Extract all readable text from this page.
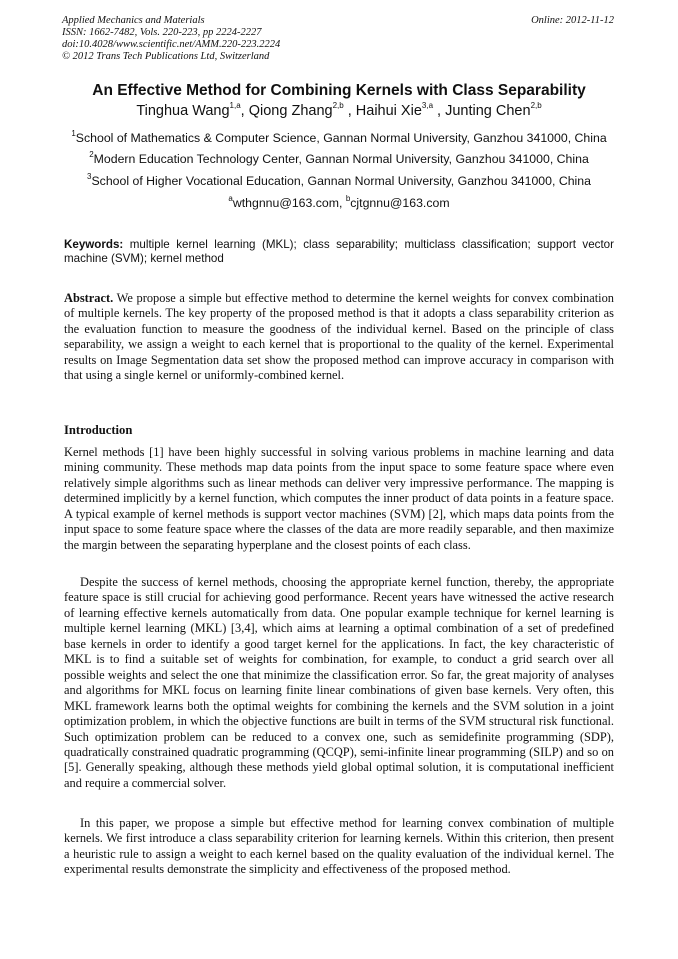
Applied Mechanics and Materials
ISSN: 1662-7482, Vols. 220-223, pp 2224-2227
doi:10.4028/www.scientific.net/AMM.220-223.2224
© 2012 Trans Tech Publications Ltd, Switzerland
Online: 2012-11-12
An Effective Method for Combining Kernels with Class Separability
Tinghua Wang$^{1,a}$, Qiong Zhang$^{2,b}$ , Haihui Xie$^{3,a}$ , Junting Chen$^{2,b}$
$^1$School of Mathematics & Computer Science, Gannan Normal University, Ganzhou 341000, China
$^2$Modern Education Technology Center, Gannan Normal University, Ganzhou 341000, China
$^3$School of Higher Vocational Education, Gannan Normal University, Ganzhou 341000, China
$^a$wthgnnu@163.com, $^b$cjtgnnu@163.com
Keywords: multiple kernel learning (MKL); class separability; multiclass classification; support vector machine (SVM); kernel method
Abstract. We propose a simple but effective method to determine the kernel weights for convex combination of multiple kernels. The key property of the proposed method is that it adopts a class separability criterion as the evaluation function to measure the goodness of the individual kernel. Based on the principle of class separability, we assign a weight to each kernel that is proportional to the quality of the kernel. Experimental results on Image Segmentation data set show the proposed method can improve accuracy in comparison with that using a single kernel or uniformly-combined kernel.
Introduction
Kernel methods [1] have been highly successful in solving various problems in machine learning and data mining community. These methods map data points from the input space to some feature space where even relatively simple algorithms such as linear methods can deliver very impressive performance. The mapping is determined implicitly by a kernel function, which computes the inner product of data points in a feature space. A typical example of kernel methods is support vector machines (SVM) [2], which maps data points from the input space to some feature space where the classes of the data are more readily separable, and then maximize the margin between the separating hyperplane and the closest points of each class.
Despite the success of kernel methods, choosing the appropriate kernel function, thereby, the appropriate feature space is still crucial for achieving good performance. Recent years have witnessed the active research of learning effective kernels automatically from data. One popular example technique for kernel learning is multiple kernel learning (MKL) [3,4], which aims at learning a optimal combination of a set of predefined base kernels in order to identify a good target kernel for the applications. In fact, the key characteristic of MKL is to find a suitable set of weights for combination, for example, to conduct a grid search over all possible weights and select the one that minimize the classification error. So far, the great majority of analyses and algorithms for MKL focus on learning finite linear combinations of given base kernels. Very often, this MKL framework learns both the optimal weights for combining the kernels and the SVM solution in a joint optimization problem, in which the objective functions are built in terms of the SVM structural risk functional. Such optimization problem can be reduced to a convex one, such as semidefinite programming (SDP), quadratically constrained quadratic programming (QCQP), semi-infinite linear programming (SILP) and so on [5]. Generally speaking, although these methods yield global optimal solution, it is computational inefficient and require a commercial solver.
In this paper, we propose a simple but effective method for learning convex combination of multiple kernels. We first introduce a class separability criterion for learning kernels. Within this criterion, then present a heuristic rule to assign a weight to each kernel based on the quality evaluation of the individual kernel. The experimental results demonstrate the simplicity and effectiveness of the proposed method.
